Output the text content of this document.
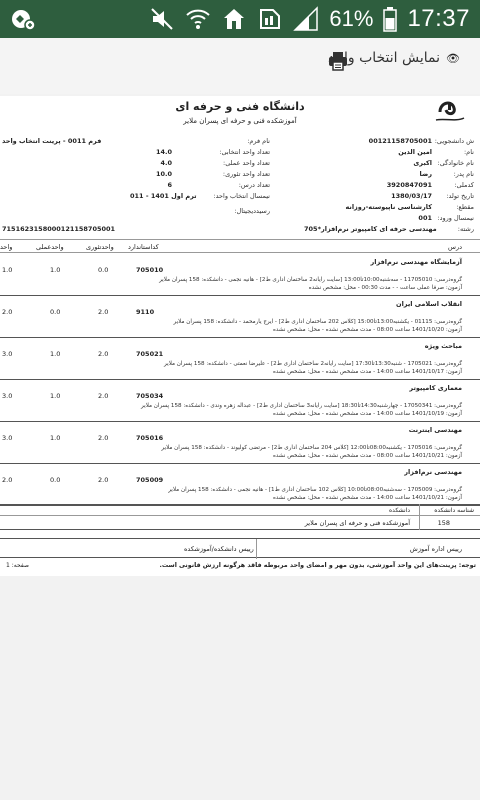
61% 17:37
👁
نمایش انتخاب واحد
دانشگاه فنی و حرفه ای
آموزشکده فنی و حرفه ای پسران ملایر
ش دانشجویی:
00121158705001
نام:
امین الدین
نام خانوادگی:
اکبری
نام پدر:
رضا
کدملی:
3920847091
تاریخ تولد:
1380/03/17
مقطع:
کارشناسی ناپیوسته-روزانه
نیمسال ورود:
001
رشته:
مهندسی حرفه ای کامپیوتر نرم‌افزار*705
نام فرم:
تعداد واحد انتخابی:
14.0
تعداد واحد عملی:
4.0
تعداد واحد تئوری:
10.0
تعداد درس:
6
نیمسال انتخاب واحد:
ترم اول 1401 - 011
رسیددیجیتال:
فرم 0011 - پرینت انتخاب واحد
7151623158000121158705001
درس
کداستاندارد
واحدتئوری
واحدعملی
واحد
آزمایشگاه مهندسی نرم‌افزار
705010
0.0
1.0
1.0
گروه‌درسی: 11705010 - سه‌شنبه‌10:00تا13:00 [سایت رایانه2 ساختمان اداری ط2] - هانیه نجمی - دانشکده: 158 پسران ملایر
آزمون: صرفا عملی ساعت - - مدت 00:30 - محل: مشخص نشده
انقلاب اسلامی ایران
9110
2.0
0.0
2.0
گروه‌درسی: 01115 - یکشنبه‌13:00تا15:00 [کلاس 202 ساختمان اداری ط2] - ایرج یارمحمد - دانشکده: 158 پسران ملایر
آزمون: 1401/10/20 ساعت 08:00 - مدت مشخص نشده - محل: مشخص نشده
مباحث ویژه
705021
2.0
1.0
3.0
گروه‌درسی: 1705021 - شنبه‌13:30تا17:30 [سایت رایانه2 ساختمان اداری ط2] - علیرضا نعمتی - دانشکده: 158 پسران ملایر
آزمون: 1401/10/17 ساعت 14:00 - مدت مشخص نشده - محل: مشخص نشده
معماری کامپیوتر
705034
2.0
1.0
3.0
گروه‌درسی: 17050341 - چهارشنبه‌14:30تا18:30 [سایت رایانه3 ساختمان اداری ط2] - عبداله زهره وندی - دانشکده: 158 پسران ملایر
آزمون: 1401/10/19 ساعت 14:00 - مدت مشخص نشده - محل: مشخص نشده
مهندسی اینترنت
705016
2.0
1.0
3.0
گروه‌درسی: 1705016 - یکشنبه‌08:00تا12:00 [کلاس 204 ساختمان اداری ط2] - مرتضی کولیوند - دانشکده: 158 پسران ملایر
آزمون: 1401/10/21 ساعت 08:00 - مدت مشخص نشده - محل: مشخص نشده
مهندسی نرم‌افزار
705009
2.0
0.0
2.0
گروه‌درسی: 1705009 - سه‌شنبه‌08:00تا10:00 [کلاس 102 ساختمان اداری ط1] - هانیه نجمی - دانشکده: 158 پسران ملایر
آزمون: 1401/10/21 ساعت 14:00 - مدت مشخص نشده - محل: مشخص نشده
شناسه دانشکده
دانشکده
158
آموزشکده فنی و حرفه ای پسران ملایر
رییس اداره آموزش
رییس دانشکده/آموزشکده
توجه: پرینت‌های این واحد آموزشی، بدون مهر و امضای واحد مربوطه فاقد هرگونه ارزش قانونی است.
صفحه: 1
